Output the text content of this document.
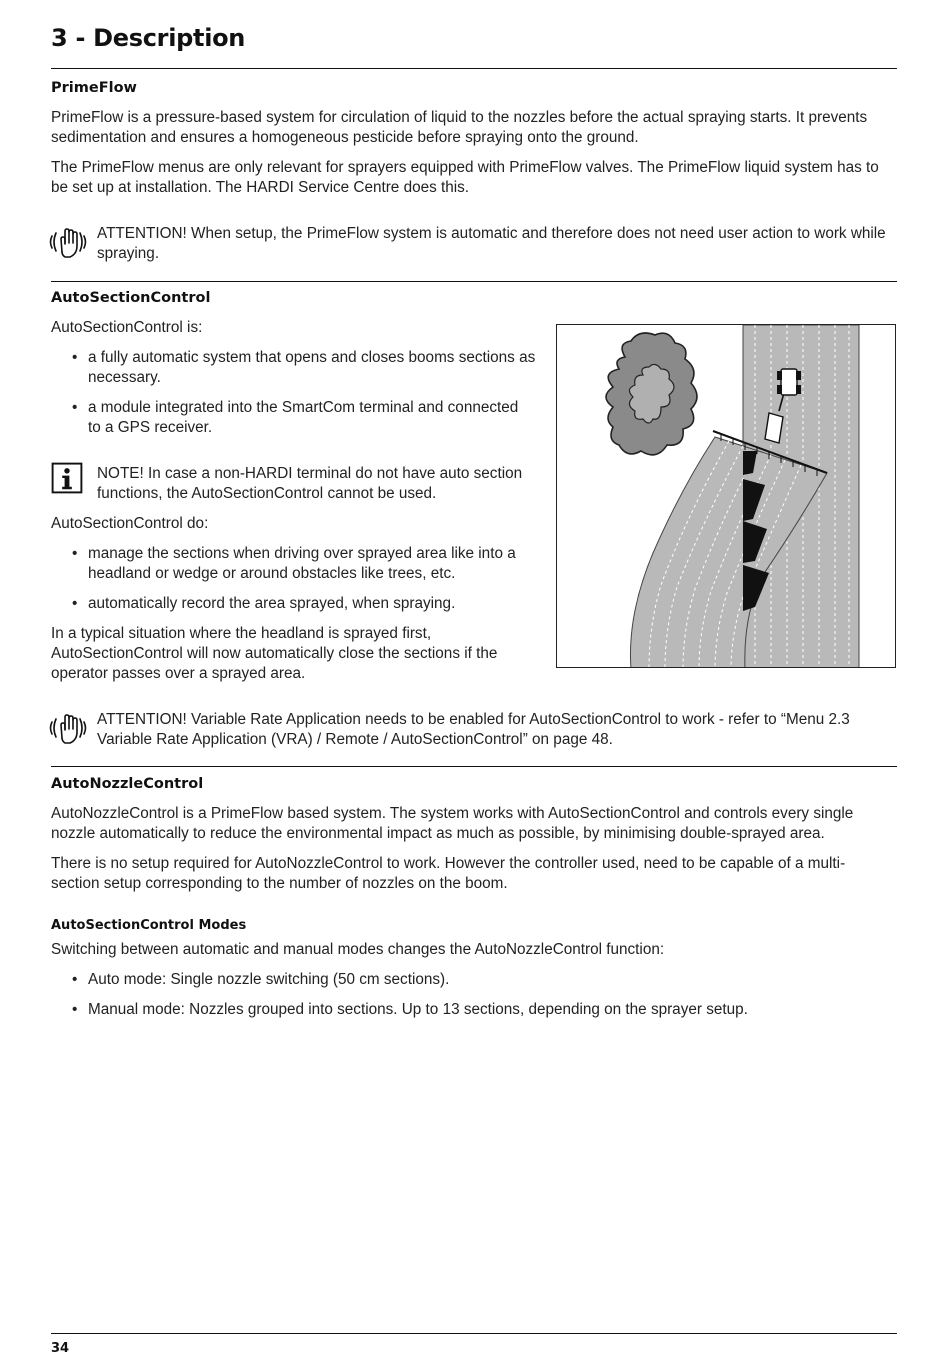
3 - Description
PrimeFlow
PrimeFlow is a pressure-based system for circulation of liquid to the nozzles before the actual spraying starts. It prevents
sedimentation and ensures a homogeneous pesticide before spraying onto the ground.
The PrimeFlow menus are only relevant for sprayers equipped with PrimeFlow valves. The PrimeFlow liquid system has to
be set up at installation. The HARDI Service Centre does this.
ATTENTION! When setup, the PrimeFlow system is automatic and therefore does not need user action to work while
spraying.
AutoSectionControl
AutoSectionControl is:
• a fully automatic system that opens and closes booms sections as
necessary.
• a module integrated into the SmartCom terminal and connected
to a GPS receiver.
NOTE! In case a non-HARDI terminal do not have auto section
functions, the AutoSectionControl cannot be used.
AutoSectionControl do:
• manage the sections when driving over sprayed area like into a
headland or wedge or around obstacles like trees, etc.
• automatically record the area sprayed, when spraying.
In a typical situation where the headland is sprayed first,
AutoSectionControl will now automatically close the sections if the
operator passes over a sprayed area.
ATTENTION! Variable Rate Application needs to be enabled for AutoSectionControl to work - refer to “Menu 2.3
Variable Rate Application (VRA) / Remote / AutoSectionControl” on page 48.
AutoNozzleControl
AutoNozzleControl is a PrimeFlow based system. The system works with AutoSectionControl and controls every single
nozzle automatically to reduce the environmental impact as much as possible, by minimising double-sprayed area.
There is no setup required for AutoNozzleControl to work. However the controller used, need to be capable of a multi-
section setup corresponding to the number of nozzles on the boom.
AutoSectionControl Modes
Switching between automatic and manual modes changes the AutoNozzleControl function:
• Auto mode: Single nozzle switching (50 cm sections).
• Manual mode: Nozzles grouped into sections. Up to 13 sections, depending on the sprayer setup.
34
